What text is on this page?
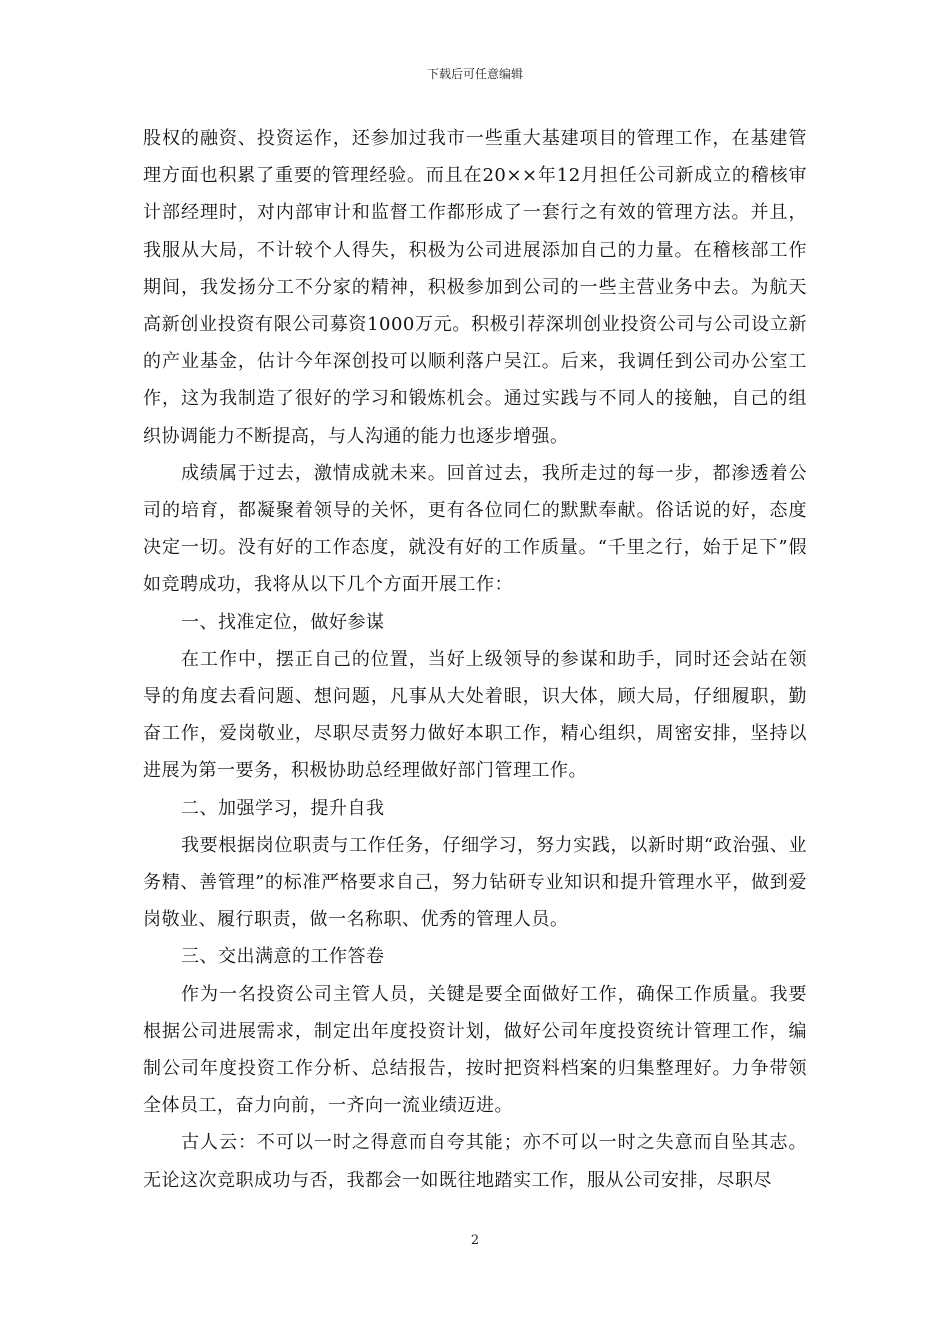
下载后可任意编辑

股权的融资、投资运作，还参加过我市一些重大基建项目的管理工作，在基建管理方面也积累了重要的管理经验。而且在20××年12月担任公司新成立的稽核审计部经理时，对内部审计和监督工作都形成了一套行之有效的管理方法。并且，我服从大局，不计较个人得失，积极为公司进展添加自己的力量。在稽核部工作期间，我发扬分工不分家的精神，积极参加到公司的一些主营业务中去。为航天高新创业投资有限公司募资1000万元。积极引荐深圳创业投资公司与公司设立新的产业基金，估计今年深创投可以顺利落户吴江。后来，我调任到公司办公室工作，这为我制造了很好的学习和锻炼机会。通过实践与不同人的接触，自己的组织协调能力不断提高，与人沟通的能力也逐步增强。

成绩属于过去，激情成就未来。回首过去，我所走过的每一步，都渗透着公司的培育，都凝聚着领导的关怀，更有各位同仁的默默奉献。俗话说的好，态度决定一切。没有好的工作态度，就没有好的工作质量。“千里之行，始于足下”假如竞聘成功，我将从以下几个方面开展工作：

一、找准定位，做好参谋

在工作中，摆正自己的位置，当好上级领导的参谋和助手，同时还会站在领导的角度去看问题、想问题，凡事从大处着眼，识大体，顾大局，仔细履职，勤奋工作，爱岗敬业，尽职尽责努力做好本职工作，精心组织，周密安排，坚持以进展为第一要务，积极协助总经理做好部门管理工作。

二、加强学习，提升自我

我要根据岗位职责与工作任务，仔细学习，努力实践，以新时期“政治强、业务精、善管理”的标准严格要求自己，努力钻研专业知识和提升管理水平，做到爱岗敬业、履行职责，做一名称职、优秀的管理人员。

三、交出满意的工作答卷

作为一名投资公司主管人员，关键是要全面做好工作，确保工作质量。我要根据公司进展需求，制定出年度投资计划，做好公司年度投资统计管理工作，编制公司年度投资工作分析、总结报告，按时把资料档案的归集整理好。力争带领全体员工，奋力向前，一齐向一流业绩迈进。

古人云：不可以一时之得意而自夸其能；亦不可以一时之失意而自坠其志。无论这次竞职成功与否，我都会一如既往地踏实工作，服从公司安排，尽职尽

2
